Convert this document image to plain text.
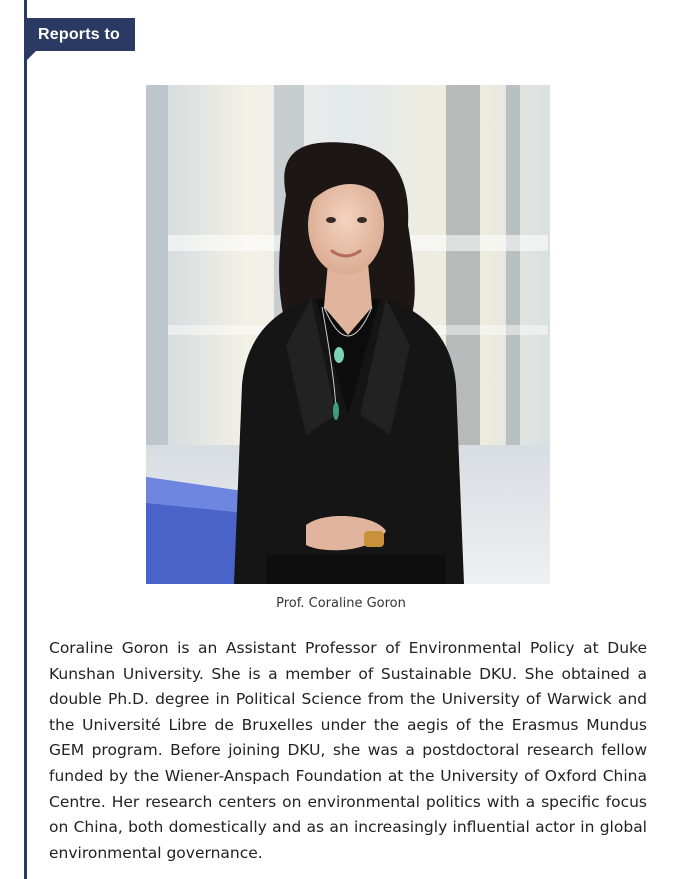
Reports to
Prof. Coraline Goron

Coraline Goron is an Assistant Professor of Environmental Policy at Duke Kunshan University. She is a member of Sustainable DKU. She obtained a double Ph.D. degree in Political Science from the University of Warwick and the Université Libre de Bruxelles under the aegis of the Erasmus Mundus GEM program. Before joining DKU, she was a postdoctoral research fellow funded by the Wiener-Anspach Foundation at the University of Oxford China Centre. Her research centers on environmental politics with a specific focus on China, both domestically and as an increasingly influential actor in global environmental governance.
